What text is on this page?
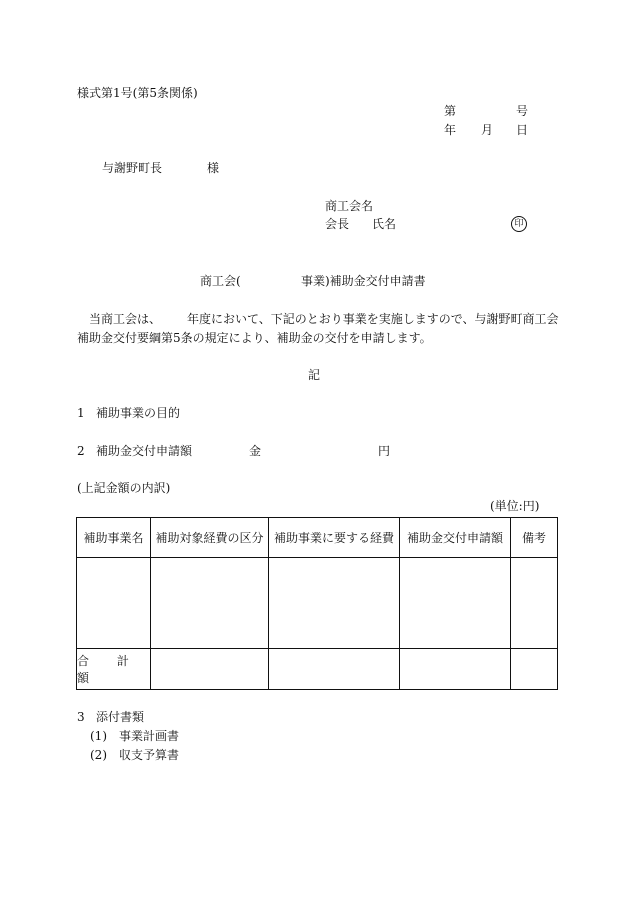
様式第1号(第5条関係)
第	号
年 月 日
与謝野町長	様
商工会名
会長 氏名	印
商工会(	事業)補助金交付申請書
当商工会は、 年度において、下記のとおり事業を実施しますので、与謝野町商工会
補助金交付要綱第5条の規定により、補助金の交付を申請します。
記
1 補助事業の目的
2 補助金交付申請額	金	円
(上記金額の内訳)
(単位:円)
補助事業名	補助対象経費の区分	補助事業に要する経費	補助金交付申請額	備考

合 計 額				
3 添付書類
(1) 事業計画書
(2) 収支予算書
